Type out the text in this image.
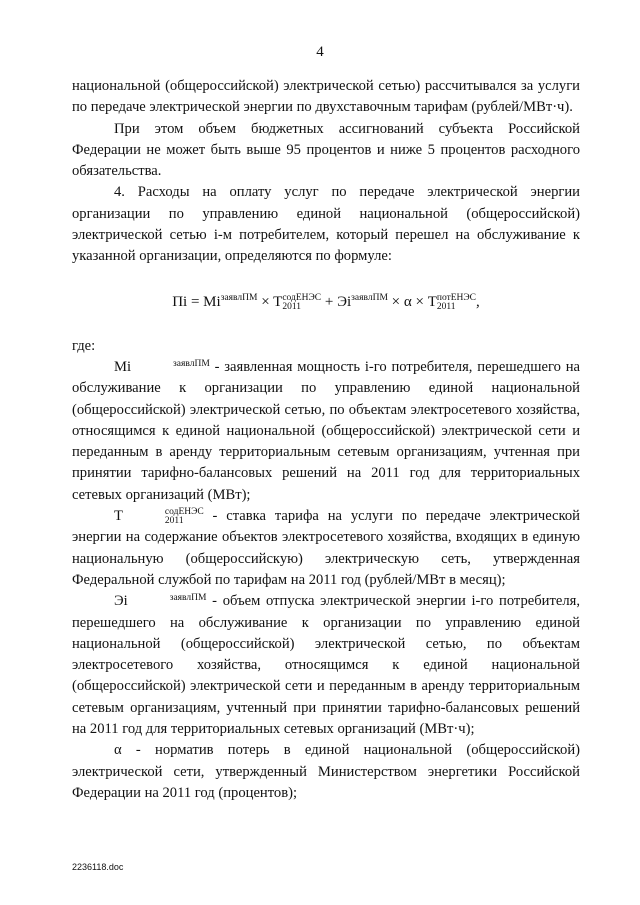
4

национальной (общероссийской) электрической сетью) рассчитывался за услуги по передаче электрической энергии по двухставочным тарифам (рублей/МВт·ч).

При этом объем бюджетных ассигнований субъекта Российской Федерации не может быть выше 95 процентов и ниже 5 процентов расходного обязательства.

4. Расходы на оплату услуг по передаче электрической энергии организации по управлению единой национальной (общероссийской) электрической сетью i-м потребителем, который перешел на обслуживание к указанной организации, определяются по формуле:

Пi = $Mi^{заявлПМ} \times T$ содЕНЭС
2011	+ $Эi^{заявлПМ} \times \alpha \times T$ потЕНЭС
2011	,

где:

Mi	$^{заявлПМ}$ - заявленная мощность i-го потребителя, перешедшего на обслуживание к организации по управлению единой национальной (общероссийской) электрической сетью, по объектам электросетевого хозяйства, относящимся к единой национальной (общероссийской) электрической сети и переданным в аренду территориальным сетевым организациям, учтенная при принятии тарифно-балансовых решений на 2011 год для территориальных сетевых организаций (МВт);

T	содЕНЭС
2011	- ставка тарифа на услуги по передаче электрической энергии на содержание объектов электросетевого хозяйства, входящих в единую национальную (общероссийскую) электрическую сеть, утвержденная Федеральной службой по тарифам на 2011 год (рублей/МВт в месяц);

Эi	$^{заявлПМ}$ - объем отпуска электрической энергии i-го потребителя, перешедшего на обслуживание к организации по управлению единой национальной (общероссийской) электрической сетью, по объектам электросетевого хозяйства, относящимся к единой национальной (общероссийской) электрической сети и переданным в аренду территориальным сетевым организациям, учтенный при принятии тарифно-балансовых решений на 2011 год для территориальных сетевых организаций (МВт·ч);

α - норматив потерь в единой национальной (общероссийской) электрической сети, утвержденный Министерством энергетики Российской Федерации на 2011 год (процентов);

2236118.doc
